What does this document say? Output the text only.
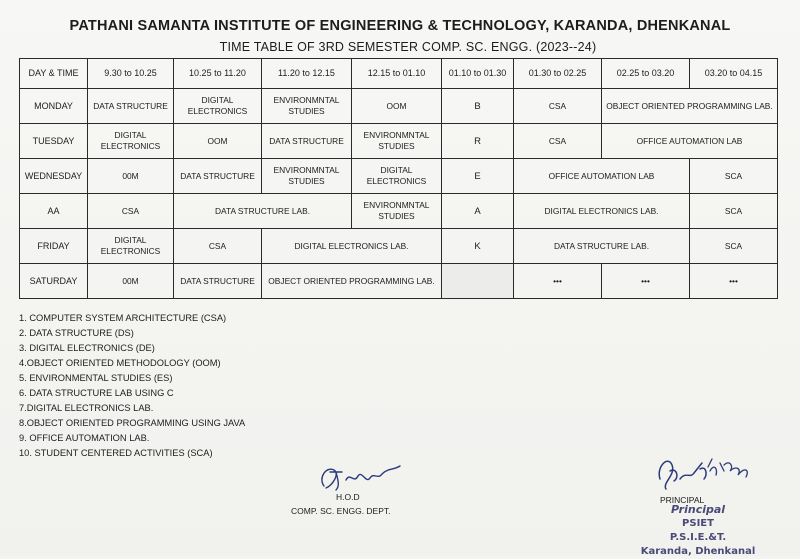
PATHANI SAMANTA INSTITUTE OF ENGINEERING & TECHNOLOGY, KARANDA, DHENKANAL
TIME TABLE OF 3RD SEMESTER COMP. SC. ENGG. (2023--24)
DAY & TIME	9.30 to 10.25	10.25 to 11.20	11.20 to 12.15	12.15 to 01.10	01.10 to 01.30	01.30 to 02.25	02.25 to 03.20	03.20 to 04.15
MONDAY	DATA STRUCTURE	DIGITAL
ELECTRONICS	ENVIRONMNTAL
STUDIES	OOM	B	CSA	OBJECT ORIENTED PROGRAMMING LAB.	
TUESDAY	DIGITAL
ELECTRONICS	OOM	DATA STRUCTURE	ENVIRONMNTAL
STUDIES	R	CSA	OFFICE AUTOMATION LAB	
WEDNESDAY	00M	DATA STRUCTURE	ENVIRONMNTAL
STUDIES	DIGITAL
ELECTRONICS	E	OFFICE AUTOMATION LAB		SCA
AA	CSA	DATA STRUCTURE LAB.		ENVIRONMNTAL
STUDIES	A	DIGITAL ELECTRONICS LAB.		SCA
FRIDAY	DIGITAL
ELECTRONICS	CSA	DIGITAL ELECTRONICS LAB.		K	DATA STRUCTURE LAB.		SCA
SATURDAY	00M	DATA STRUCTURE	OBJECT ORIENTED PROGRAMMING LAB.			•••	•••	•••
1. COMPUTER SYSTEM ARCHITECTURE (CSA)
2. DATA STRUCTURE (DS)
3. DIGITAL ELECTRONICS (DE)
4.OBJECT ORIENTED METHODOLOGY (OOM)
5. ENVIRONMENTAL STUDIES (ES)
6. DATA STRUCTURE LAB USING C
7.DIGITAL ELECTRONICS LAB.
8.OBJECT ORIENTED PROGRAMMING USING JAVA
9. OFFICE AUTOMATION LAB.
10. STUDENT CENTERED ACTIVITIES (SCA)
H.O.D
COMP. SC. ENGG. DEPT.
PRINCIPAL
Principal
PSIET
P.S.I.E.&T.
Karanda, Dhenkanal
